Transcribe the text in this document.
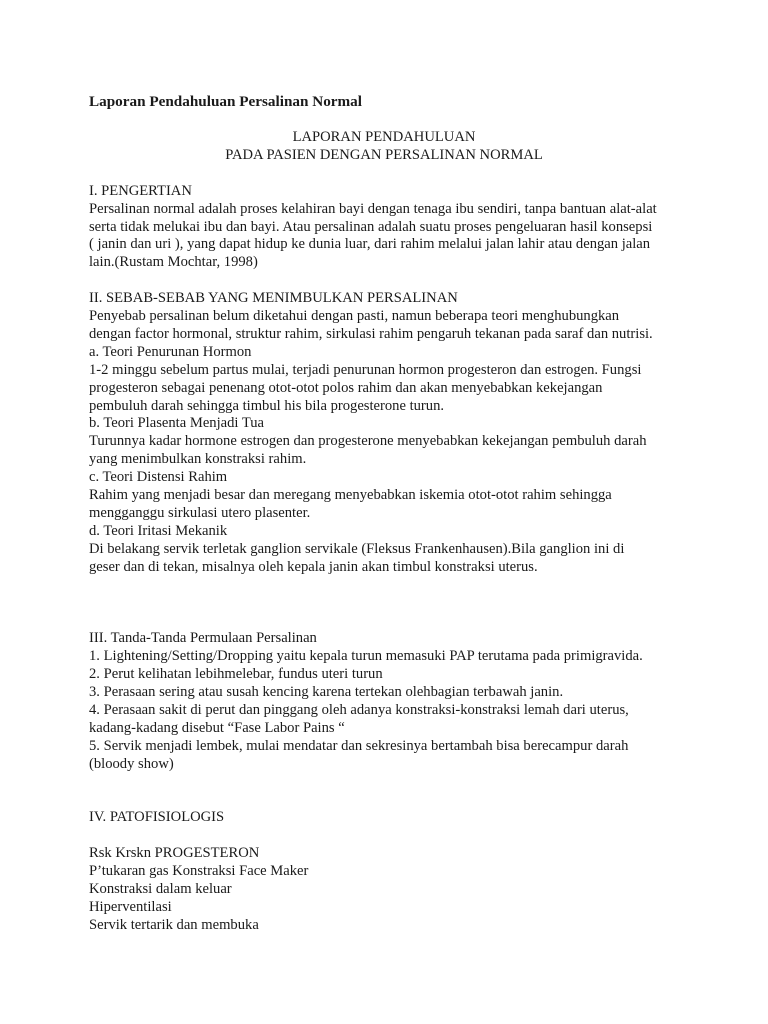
Laporan Pendahuluan Persalinan Normal
LAPORAN PENDAHULUAN
PADA PASIEN DENGAN PERSALINAN NORMAL
I. PENGERTIAN
Persalinan normal adalah proses kelahiran bayi dengan tenaga ibu sendiri, tanpa bantuan alat-alat
serta tidak melukai ibu dan bayi. Atau persalinan adalah suatu proses pengeluaran hasil konsepsi
( janin dan uri ), yang dapat hidup ke dunia luar, dari rahim melalui jalan lahir atau dengan jalan
lain.(Rustam Mochtar, 1998)
II. SEBAB-SEBAB YANG MENIMBULKAN PERSALINAN
Penyebab persalinan belum diketahui dengan pasti, namun beberapa teori menghubungkan
dengan factor hormonal, struktur rahim, sirkulasi rahim pengaruh tekanan pada saraf dan nutrisi.
a. Teori Penurunan Hormon
1-2 minggu sebelum partus mulai, terjadi penurunan hormon progesteron dan estrogen. Fungsi
progesteron sebagai penenang otot-otot polos rahim dan akan menyebabkan kekejangan
pembuluh darah sehingga timbul his bila progesterone turun.
b. Teori Plasenta Menjadi Tua
Turunnya kadar hormone estrogen dan progesterone menyebabkan kekejangan pembuluh darah
yang menimbulkan konstraksi rahim.
c. Teori Distensi Rahim
Rahim yang menjadi besar dan meregang menyebabkan iskemia otot-otot rahim sehingga
mengganggu sirkulasi utero plasenter.
d. Teori Iritasi Mekanik
Di belakang servik terletak ganglion servikale (Fleksus Frankenhausen).Bila ganglion ini di
geser dan di tekan, misalnya oleh kepala janin akan timbul konstraksi uterus.
III. Tanda-Tanda Permulaan Persalinan
1. Lightening/Setting/Dropping yaitu kepala turun memasuki PAP terutama pada primigravida.
2. Perut kelihatan lebihmelebar, fundus uteri turun
3. Perasaan sering atau susah kencing karena tertekan olehbagian terbawah janin.
4. Perasaan sakit di perut dan pinggang oleh adanya konstraksi-konstraksi lemah dari uterus,
kadang-kadang disebut “Fase Labor Pains “
5. Servik menjadi lembek, mulai mendatar dan sekresinya bertambah bisa berecampur darah
(bloody show)
IV. PATOFISIOLOGIS
Rsk Krskn PROGESTERON
P’tukaran gas Konstraksi Face Maker
Konstraksi dalam keluar
Hiperventilasi
Servik tertarik dan membuka
